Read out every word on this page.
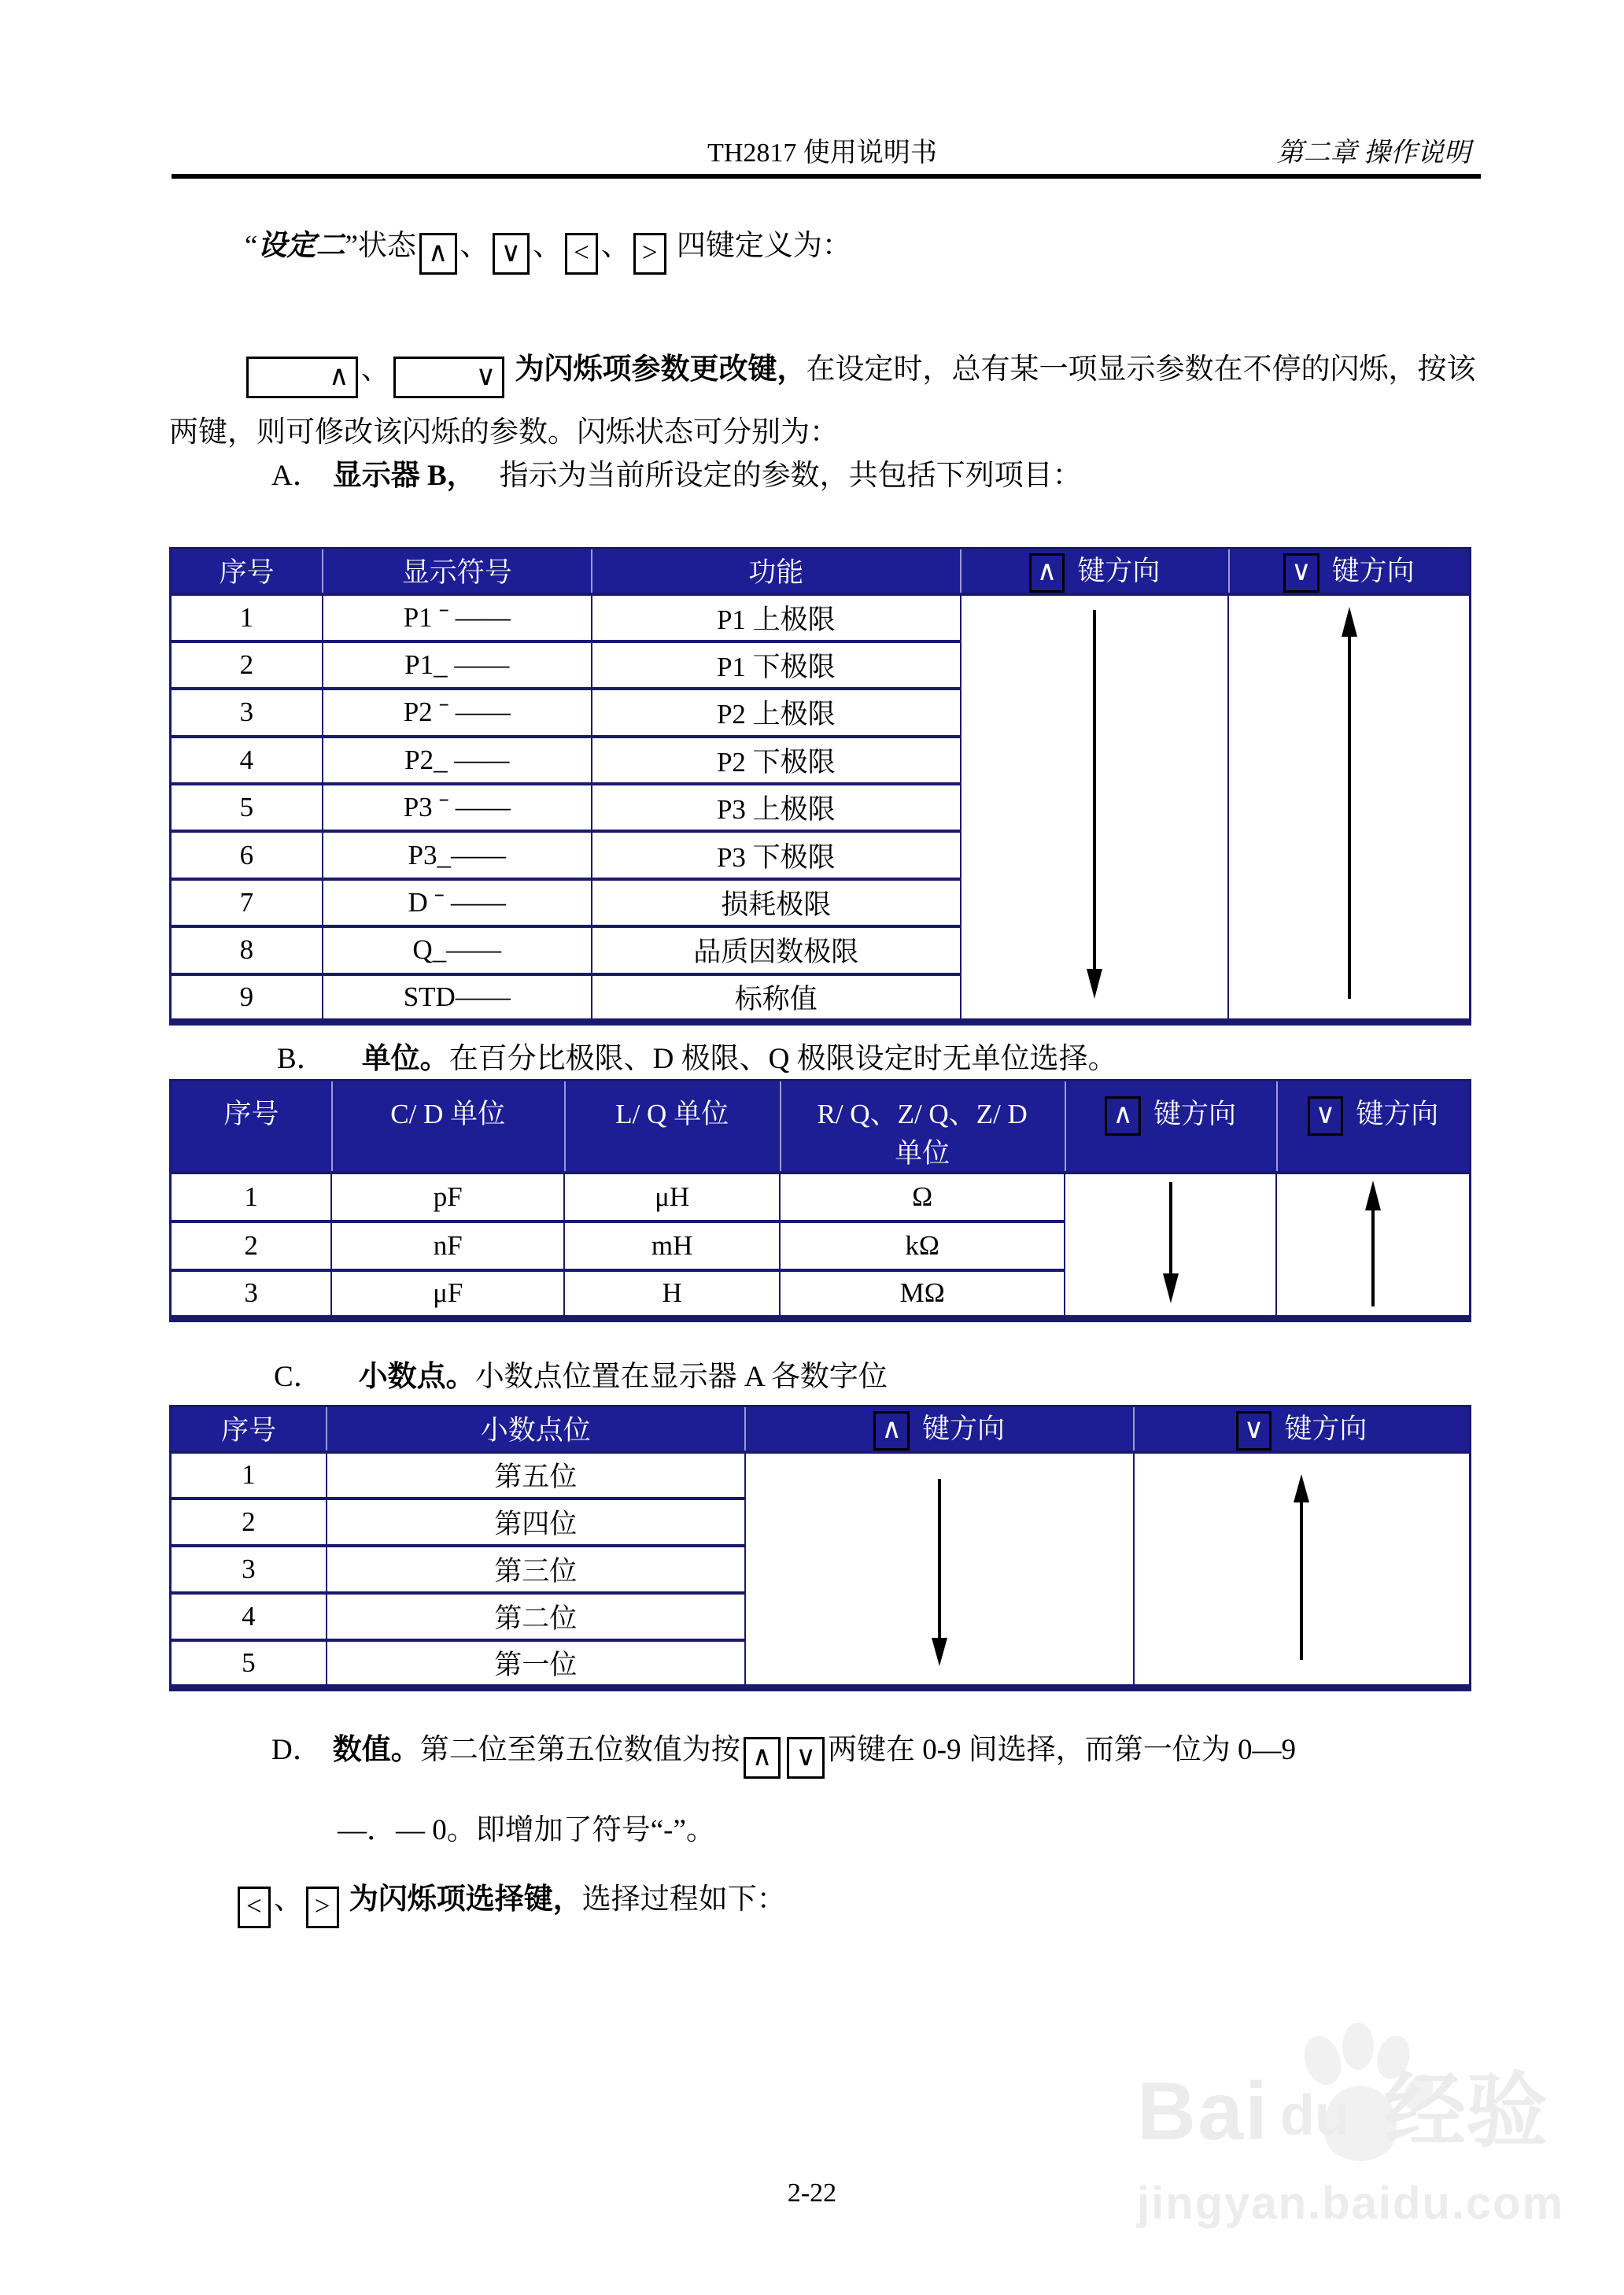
TH2817 使用说明书	第二章 操作说明
“设定二”状态 ∧ 、 ∨ 、 < 、 > 四键定义为：
∧ 、	∨ 为闪烁项参数更改键，在设定时，总有某一项显示参数在不停的闪烁，按该两键，则可修改该闪烁的参数。闪烁状态可分别为：
A． 显示器 B， 指示为当前所设定的参数，共包括下列项目：
序号	显示符号	功能	∧ 键方向	∨ 键方向
1	P1 ˉ ――	P1 上极限	

2	P1_ ――	P1 下极限		
3	P2 ˉ ――	P2 上极限		
4	P2_ ――	P2 下极限		
5	P3 ˉ ――	P3 上极限		
6	P3_――	P3 下极限		
7	D ˉ ――	损耗极限		
8	Q_――	品质因数极限		
9	STD――	标称值		
B． 单位。在百分比极限、D 极限、Q 极限设定时无单位选择。
序号	C/ D 单位	L/ Q 单位	R/ Q、Z/ Q、Z/ D
单位	∧ 键方向	∨ 键方向
1	pF	μH	Ω	

2	nF	mH	kΩ		
3	μF	H	MΩ		
C． 小数点。小数点位置在显示器 A 各数字位
序号	小数点位	∧ 键方向	∨ 键方向
1	第五位	

2	第四位		
3	第三位		
4	第二位		
5	第一位		
D． 数值。第二位至第五位数值为按 ∧ ∨ 两键在 0-9 间选择，而第一位为 0—9
—．— 0。即增加了符号“-”。
< 、 > 为闪烁项选择键，选择过程如下：
2-22
Bai du 经验
jingyan.baidu.com
